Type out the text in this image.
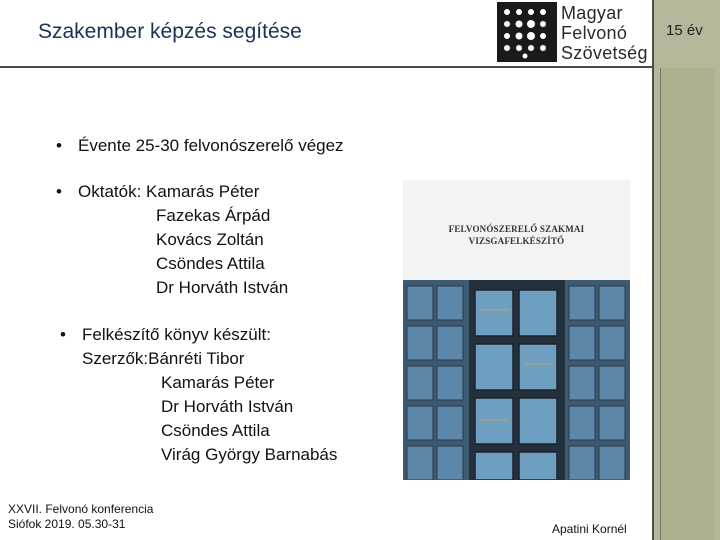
Szakember képzés segítése
Magyar
Felvonó
Szövetség
15 év
• Évente 25-30 felvonószerelő végez
• Oktatók: Kamarás Péter
Fazekas Árpád
Kovács Zoltán
Csöndes Attila
Dr Horváth István
• Felkészítő könyv készült:
Szerzők:Bánréti Tibor
Kamarás Péter
Dr Horváth István
Csöndes Attila
Virág György Barnabás
FELVONÓSZERELŐ SZAKMAI
VIZSGAFELKÉSZÍTŐ
XXVII. Felvonó konferencia
Siófok 2019. 05.30-31	Apatini Kornél
